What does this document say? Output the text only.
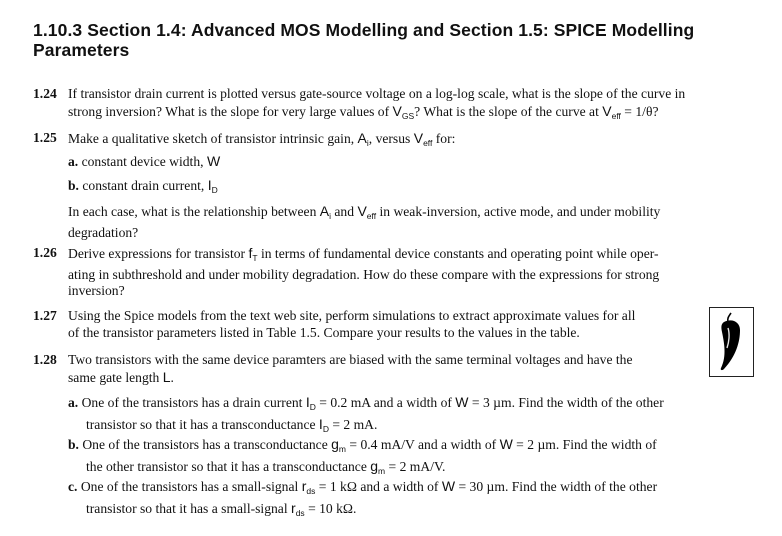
1.10.3 Section 1.4: Advanced MOS Modelling and Section 1.5: SPICE Modelling
Parameters
1.24 If transistor drain current is plotted versus gate-source voltage on a log-log scale, what is the slope of the curve in
strong inversion? What is the slope for very large values of $V_{GS}$? What is the slope of the curve at $V_{eff} = 1/\theta$?
1.25 Make a qualitative sketch of transistor intrinsic gain, $A_i$, versus $V_{eff}$ for:
a. constant device width, W
b. constant drain current, $I_D$
In each case, what is the relationship between $A_i$ and $V_{eff}$ in weak-inversion, active mode, and under mobility
degradation?
1.26 Derive expressions for transistor $f_T$ in terms of fundamental device constants and operating point while oper-
ating in subthreshold and under mobility degradation. How do these compare with the expressions for strong
inversion?
1.27 Using the Spice models from the text web site, perform simulations to extract approximate values for all
of the transistor parameters listed in Table 1.5. Compare your results to the values in the table.
1.28 Two transistors with the same device paramters are biased with the same terminal voltages and have the
same gate length L.
a. One of the transistors has a drain current $I_D = 0.2$ mA and a width of W = 3 µm. Find the width of the other
transistor so that it has a transconductance $I_D = 2$ mA.
b. One of the transistors has a transconductance $g_m = 0.4$ mA/V and a width of W = 2 µm. Find the width of
the other transistor so that it has a transconductance $g_m = 2$ mA/V.
c. One of the transistors has a small-signal $r_{ds} = 1$ kΩ and a width of W = 30 µm. Find the width of the other
transistor so that it has a small-signal $r_{ds} = 10$ kΩ.
